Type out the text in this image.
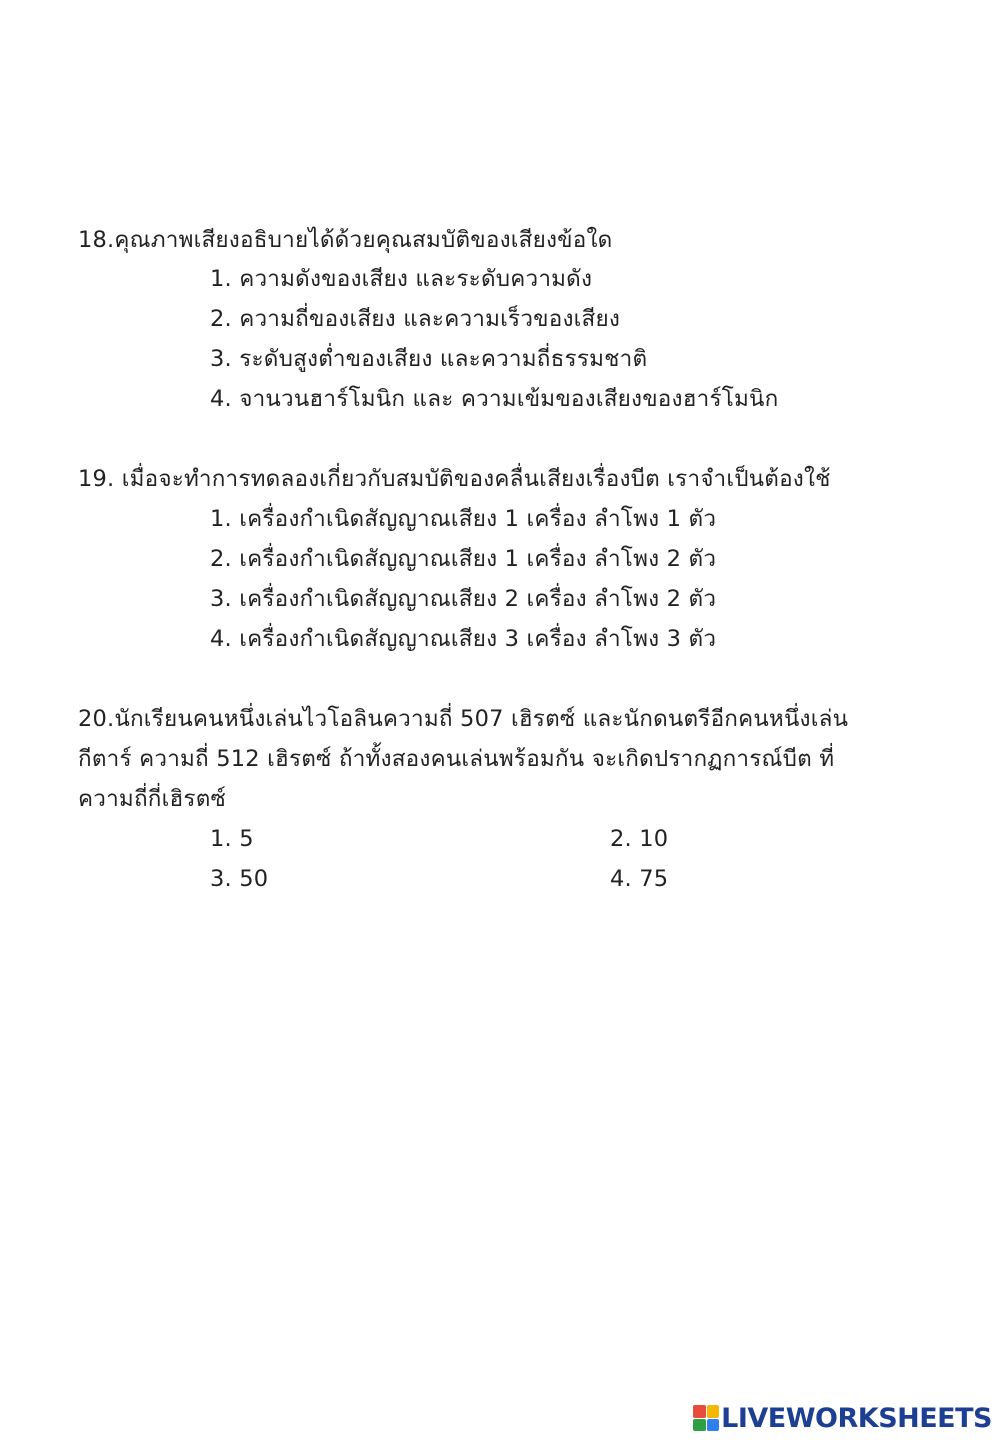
18.คุณภาพเสียงอธิบายได้ด้วยคุณสมบัติของเสียงข้อใด
1. ความดังของเสียง และระดับความดัง
2. ความถี่ของเสียง และความเร็วของเสียง
3. ระดับสูงต่ำของเสียง และความถี่ธรรมชาติ
4. จานวนฮาร์โมนิก และ ความเข้มของเสียงของฮาร์โมนิก
19. เมื่อจะทำการทดลองเกี่ยวกับสมบัติของคลื่นเสียงเรื่องบีต เราจำเป็นต้องใช้
1. เครื่องกำเนิดสัญญาณเสียง 1 เครื่อง ลำโพง 1 ตัว
2. เครื่องกำเนิดสัญญาณเสียง 1 เครื่อง ลำโพง 2 ตัว
3. เครื่องกำเนิดสัญญาณเสียง 2 เครื่อง ลำโพง 2 ตัว
4. เครื่องกำเนิดสัญญาณเสียง 3 เครื่อง ลำโพง 3 ตัว
20.นักเรียนคนหนึ่งเล่นไวโอลินความถี่ 507 เฮิรตซ์ และนักดนตรีอีกคนหนึ่งเล่น
กีตาร์ ความถี่ 512 เฮิรตซ์ ถ้าทั้งสองคนเล่นพร้อมกัน จะเกิดปรากฏการณ์บีต ที่
ความถี่กี่เฮิรตซ์
1. 5	2. 10
3. 50	4. 75
LIVEWORKSHEETS
